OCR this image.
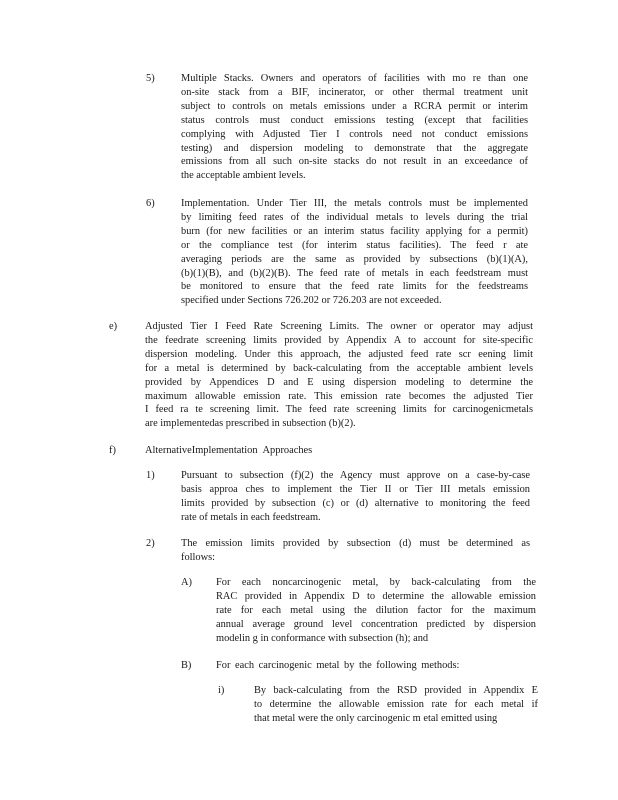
5)	Multiple Stacks. Owners and operators of facilities with mo re than one
on-site stack from a BIF, incinerator, or other thermal treatment unit
subject to controls on metals emissions under a RCRA permit or interim
status controls must conduct emissions testing (except that facilities
complying with Adjusted Tier I controls need not conduct emissions
testing) and dispersion modeling to demonstrate that the aggregate
emissions from all such on-site stacks do not result in an exceedance of
the acceptable ambient levels.
6)	Implementation. Under Tier III, the metals controls must be implemented
by limiting feed rates of the individual metals to levels during the trial
burn (for new facilities or an interim status facility applying for a permit)
or the compliance test (for interim status facilities). The feed r ate
averaging periods are the same as provided by subsections (b)(1)(A),
(b)(1)(B), and (b)(2)(B). The feed rate of metals in each feedstream must
be monitored to ensure that the feed rate limits for the feedstreams
specified under Sections 726.202 or 726.203 are not exceeded.
e)	Adjusted Tier I Feed Rate Screening Limits. The owner or operator may adjust
the feedrate screening limits provided by Appendix A to account for site-specific
dispersion modeling. Under this approach, the adjusted feed rate scr eening limit
for a metal is determined by back-calculating from the acceptable ambient levels
provided by Appendices D and E using dispersion modeling to determine the
maximum allowable emission rate. This emission rate becomes the adjusted Tier
I feed ra te screening limit. The feed rate screening limits for carcinogenicmetals
are implementedas prescribed in subsection (b)(2).
f)	AlternativeImplementation Approaches
1)	Pursuant to subsection (f)(2) the Agency must approve on a case-by-case
basis approa ches to implement the Tier II or Tier III metals emission
limits provided by subsection (c) or (d) alternative to monitoring the feed
rate of metals in each feedstream.
2)	The emission limits provided by subsection (d) must be determined as
follows:
A) For each noncarcinogenic metal, by back-calculating from the
RAC provided in Appendix D to determine the allowable emission
rate for each metal using the dilution factor for the maximum
annual average ground level concentration predicted by dispersion
modelin g in conformance with subsection (h); and
B) For each carcinogenic metal by the following methods:
i)	By back-calculating from the RSD provided in Appendix E
to determine the allowable emission rate for each metal if
that metal were the only carcinogenic m etal emitted using
